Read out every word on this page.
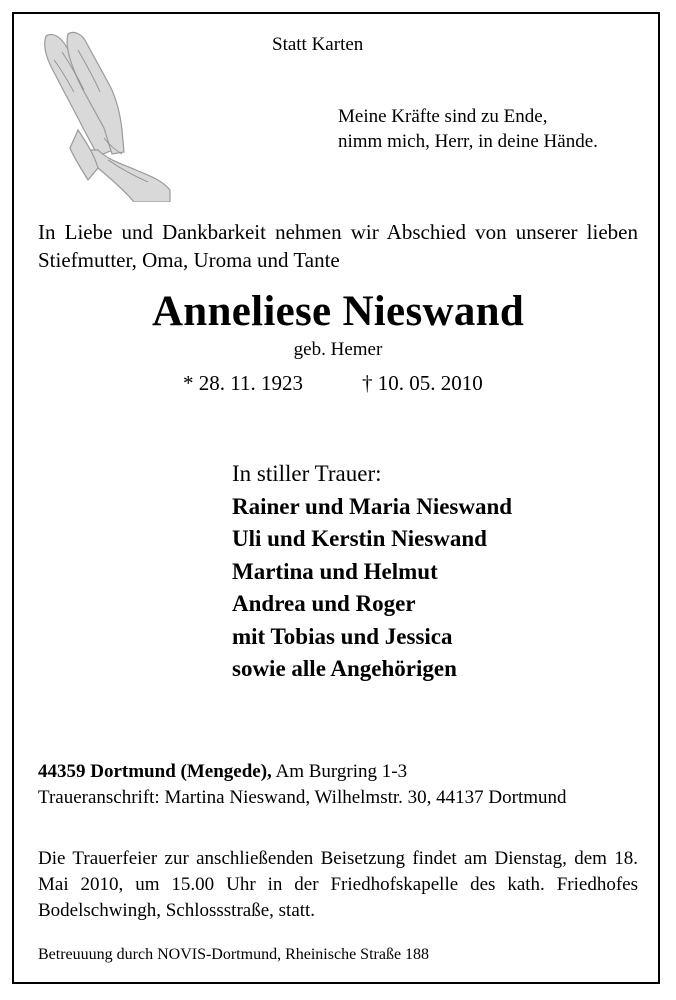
Statt Karten
Meine Kräfte sind zu Ende,
nimm mich, Herr, in deine Hände.
In Liebe und Dankbarkeit nehmen wir Abschied von unserer lieben Stiefmutter, Oma, Uroma und Tante
Anneliese Nieswand
geb. Hemer
* 28. 11. 1923	† 10. 05. 2010
In stiller Trauer:
Rainer und Maria Nieswand
Uli und Kerstin Nieswand
Martina und Helmut
Andrea und Roger
mit Tobias und Jessica
sowie alle Angehörigen
44359 Dortmund (Mengede), Am Burgring 1-3
Traueranschrift: Martina Nieswand, Wilhelmstr. 30, 44137 Dortmund
Die Trauerfeier zur anschließenden Beisetzung findet am Dienstag, dem 18. Mai 2010, um 15.00 Uhr in der Friedhofskapelle des kath. Friedhofes Bodelschwingh, Schlossstraße, statt.
Betreuuung durch NOVIS-Dortmund, Rheinische Straße 188
